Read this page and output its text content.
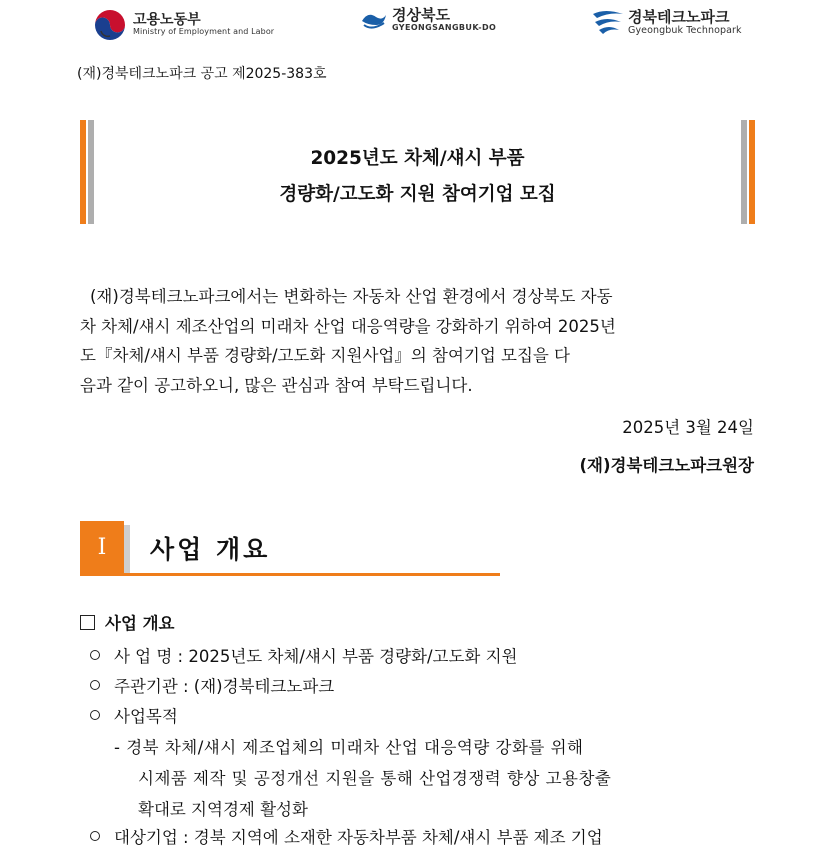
고용노동부
Ministry of Employment and Labor
경상북도
GYEONGSANGBUK-DO
경북테크노파크
Gyeongbuk Technopark
(재)경북테크노파크 공고 제2025-383호
2025년도 차체/섀시 부품
경량화/고도화 지원 참여기업 모집
(재)경북테크노파크에서는 변화하는 자동차 산업 환경에서 경상북도 자동
차 차체/섀시 제조산업의 미래차 산업 대응역량을 강화하기 위하여 2025년
도『차체/섀시 부품 경량화/고도화 지원사업』의 참여기업 모집을 다
음과 같이 공고하오니, 많은 관심과 참여 부탁드립니다.
2025년 3월 24일
(재)경북테크노파크원장
Ⅰ	사업 개요
사업 개요
사 업 명 : 2025년도 차체/섀시 부품 경량화/고도화 지원
주관기관 : (재)경북테크노파크
사업목적
- 경북 차체/섀시 제조업체의 미래차 산업 대응역량 강화를 위해
시제품 제작 및 공정개선 지원을 통해 산업경쟁력 향상 고용창출
확대로 지역경제 활성화
대상기업 : 경북 지역에 소재한 자동차부품 차체/섀시 부품 제조 기업
